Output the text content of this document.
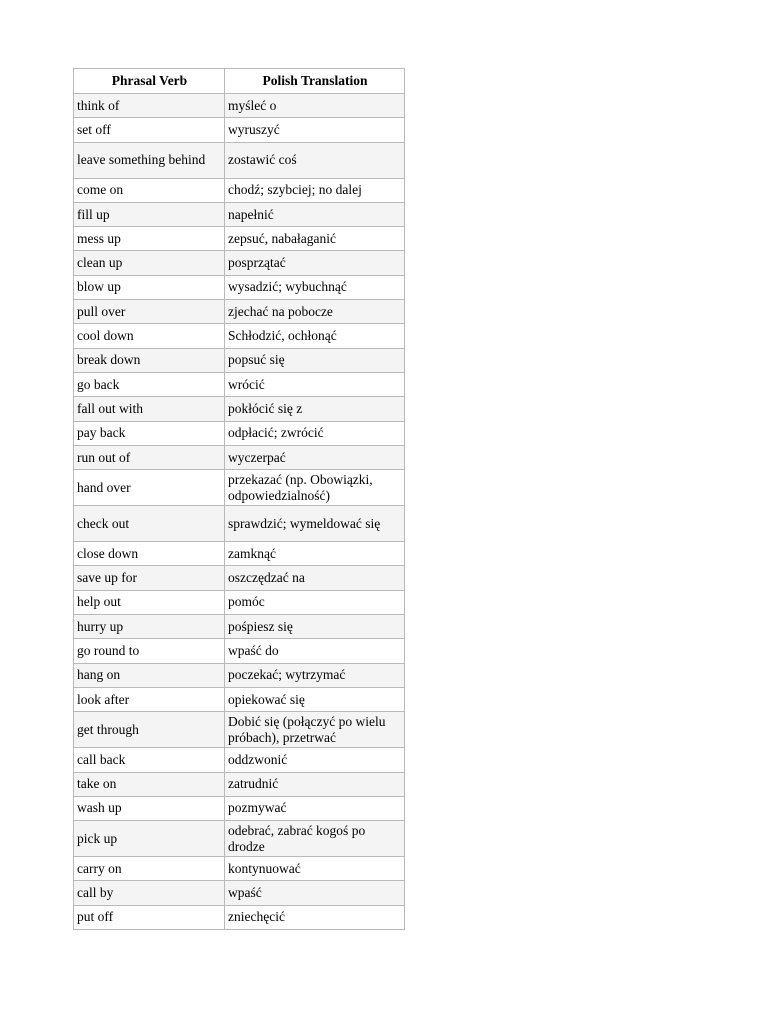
Phrasal Verb	Polish Translation
think of	myśleć o
set off	wyruszyć
leave something behind	zostawić coś
come on	chodź; szybciej; no dalej
fill up	napełnić
mess up	zepsuć, nabałaganić
clean up	posprzątać
blow up	wysadzić; wybuchnąć
pull over	zjechać na pobocze
cool down	Schłodzić, ochłonąć
break down	popsuć się
go back	wrócić
fall out with	pokłócić się z
pay back	odpłacić; zwrócić
run out of	wyczerpać
hand over	przekazać (np. Obowiązki, odpowiedzialność)
check out	sprawdzić; wymeldować się
close down	zamknąć
save up for	oszczędzać na
help out	pomóc
hurry up	pośpiesz się
go round to	wpaść do
hang on	poczekać; wytrzymać
look after	opiekować się
get through	Dobić się (połączyć po wielu próbach), przetrwać
call back	oddzwonić
take on	zatrudnić
wash up	pozmywać
pick up	odebrać, zabrać kogoś po drodze
carry on	kontynuować
call by	wpaść
put off	zniechęcić
